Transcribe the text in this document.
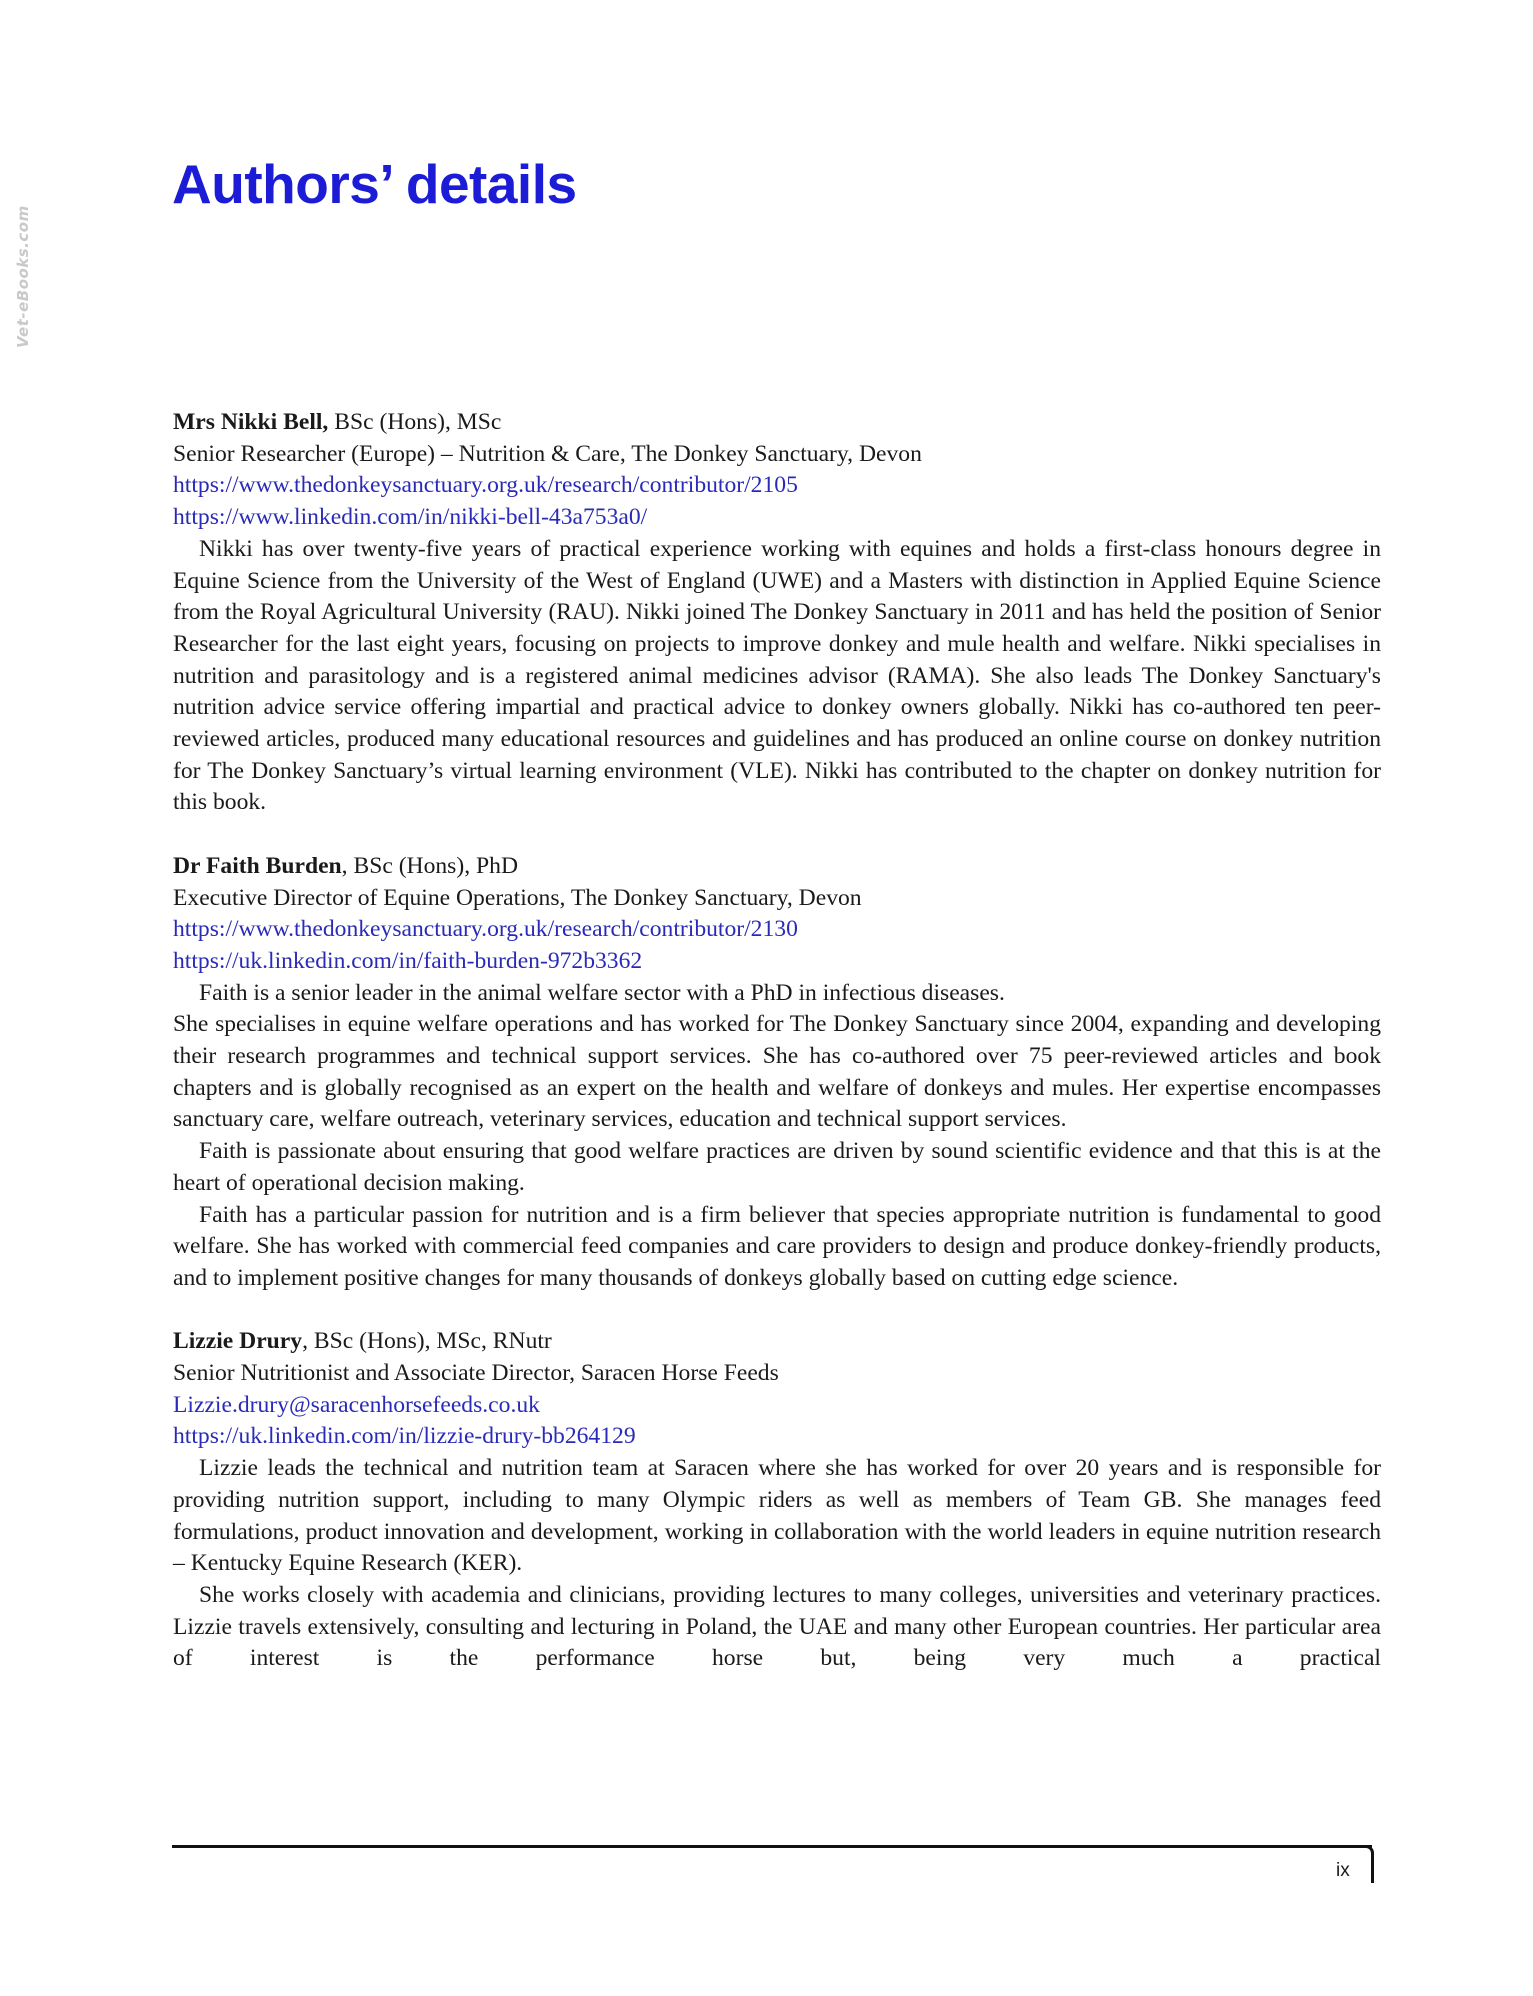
Vet-eBooks.com
Authors’ details
Mrs Nikki Bell, BSc (Hons), MSc
Senior Researcher (Europe) – Nutrition & Care, The Donkey Sanctuary, Devon
https://www.thedonkeysanctuary.org.uk/research/contributor/2105
https://www.linkedin.com/in/nikki-bell-43a753a0/

Nikki has over twenty-five years of practical experience working with equines and holds a first-class honours degree in Equine Science from the University of the West of England (UWE) and a Masters with distinction in Applied Equine Science from the Royal Agricultural University (RAU). Nikki joined The Donkey Sanctuary in 2011 and has held the position of Senior Researcher for the last eight years, focusing on projects to improve donkey and mule health and welfare. Nikki specialises in nutrition and parasitology and is a registered animal medicines advisor (RAMA). She also leads The Donkey Sanctuary's nutrition advice service offering impartial and practical advice to donkey owners globally. Nikki has co-authored ten peer-reviewed articles, produced many educational resources and guidelines and has produced an online course on donkey nutrition for The Donkey Sanctuary’s virtual learning environment (VLE). Nikki has contributed to the chapter on donkey nutrition for this book.

Dr Faith Burden, BSc (Hons), PhD
Executive Director of Equine Operations, The Donkey Sanctuary, Devon
https://www.thedonkeysanctuary.org.uk/research/contributor/2130
https://uk.linkedin.com/in/faith-burden-972b3362

Faith is a senior leader in the animal welfare sector with a PhD in infectious diseases.

She specialises in equine welfare operations and has worked for The Donkey Sanctuary since 2004, expanding and developing their research programmes and technical support services. She has co-authored over 75 peer-reviewed articles and book chapters and is globally recognised as an expert on the health and welfare of donkeys and mules. Her expertise encompasses sanctuary care, welfare outreach, veterinary services, education and technical support services.

Faith is passionate about ensuring that good welfare practices are driven by sound scientific evidence and that this is at the heart of operational decision making.

Faith has a particular passion for nutrition and is a firm believer that species appropriate nutrition is fundamental to good welfare. She has worked with commercial feed companies and care providers to design and produce donkey-friendly products, and to implement positive changes for many thousands of donkeys globally based on cutting edge science.

Lizzie Drury, BSc (Hons), MSc, RNutr
Senior Nutritionist and Associate Director, Saracen Horse Feeds
Lizzie.drury@saracenhorsefeeds.co.uk
https://uk.linkedin.com/in/lizzie-drury-bb264129

Lizzie leads the technical and nutrition team at Saracen where she has worked for over 20 years and is responsible for providing nutrition support, including to many Olympic riders as well as members of Team GB. She manages feed formulations, product innovation and development, working in collaboration with the world leaders in equine nutrition research – Kentucky Equine Research (KER).

She works closely with academia and clinicians, providing lectures to many colleges, universities and veterinary practices. Lizzie travels extensively, consulting and lecturing in Poland, the UAE and many other European countries. Her particular area of interest is the performance horse but, being very much a practical

ix
